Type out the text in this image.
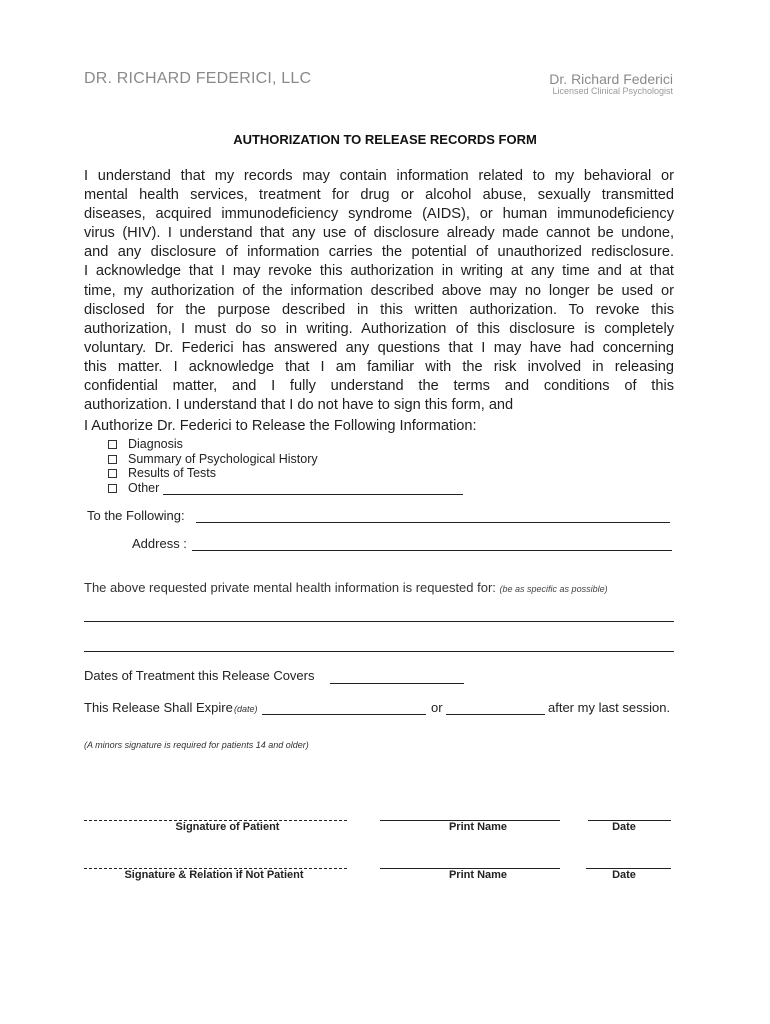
DR. RICHARD FEDERICI, LLC	Dr. Richard Federici
Licensed Clinical Psychologist
AUTHORIZATION TO RELEASE RECORDS FORM
I understand that my records may contain information related to my behavioral or
mental health services, treatment for drug or alcohol abuse, sexually transmitted
diseases, acquired immunodeficiency syndrome (AIDS), or human immunodeficiency
virus (HIV). I understand that any use of disclosure already made cannot be undone,
and any disclosure of information carries the potential of unauthorized redisclosure.
I acknowledge that I may revoke this authorization in writing at any time and at that
time, my authorization of the information described above may no longer be used or
disclosed for the purpose described in this written authorization. To revoke this
authorization, I must do so in writing. Authorization of this disclosure is completely
voluntary. Dr. Federici has answered any questions that I may have had concerning
this matter. I acknowledge that I am familiar with the risk involved in releasing
confidential matter, and I fully understand the terms and conditions of this
authorization. I understand that I do not have to sign this form, and
I Authorize Dr. Federici to Release the Following Information:
Diagnosis
Summary of Psychological History
Results of Tests
Other
To the Following:
Address :
The above requested private mental health information is requested for: (be as specific as possible)
Dates of Treatment this Release Covers
This Release Shall Expire (date)	or	after my last session.
(A minors signature is required for patients 14 and older)
Signature of Patient	Print Name	Date
Signature & Relation if Not Patient	Print Name	Date
